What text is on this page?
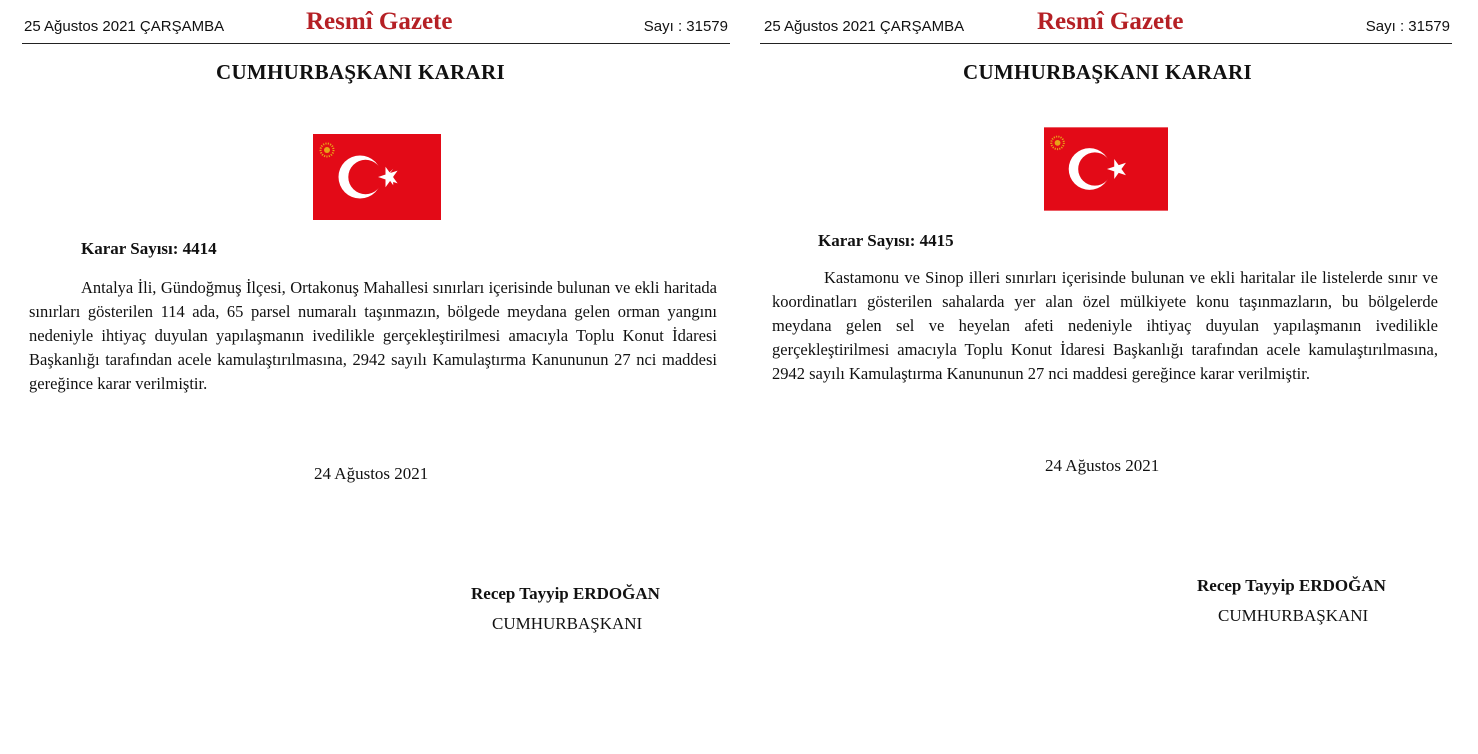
25 Ağustos 2021 ÇARŞAMBA	Resmî Gazete	Sayı : 31579
CUMHURBAŞKANI KARARI
Karar Sayısı: 4414

Antalya İli, Gündoğmuş İlçesi, Ortakonuş Mahallesi sınırları içerisinde bulunan ve ekli haritada sınırları gösterilen 114 ada, 65 parsel numaralı taşınmazın, bölgede meydana gelen orman yangını nedeniyle ihtiyaç duyulan yapılaşmanın ivedilikle gerçekleştirilmesi amacıyla Toplu Konut İdaresi Başkanlığı tarafından acele kamulaştırılmasına, 2942 sayılı Kamulaştırma Kanununun 27 nci maddesi gereğince karar verilmiştir.

24 Ağustos 2021
Recep Tayyip ERDOĞAN
CUMHURBAŞKANI
25 Ağustos 2021 ÇARŞAMBA	Resmî Gazete	Sayı : 31579
CUMHURBAŞKANI KARARI
Karar Sayısı: 4415

Kastamonu ve Sinop illeri sınırları içerisinde bulunan ve ekli haritalar ile listelerde sınır ve koordinatları gösterilen sahalarda yer alan özel mülkiyete konu taşınmazların, bu bölgelerde meydana gelen sel ve heyelan afeti nedeniyle ihtiyaç duyulan yapılaşmanın ivedilikle gerçekleştirilmesi amacıyla Toplu Konut İdaresi Başkanlığı tarafından acele kamulaştırılmasına, 2942 sayılı Kamulaştırma Kanununun 27 nci maddesi gereğince karar verilmiştir.

24 Ağustos 2021
Recep Tayyip ERDOĞAN
CUMHURBAŞKANI
